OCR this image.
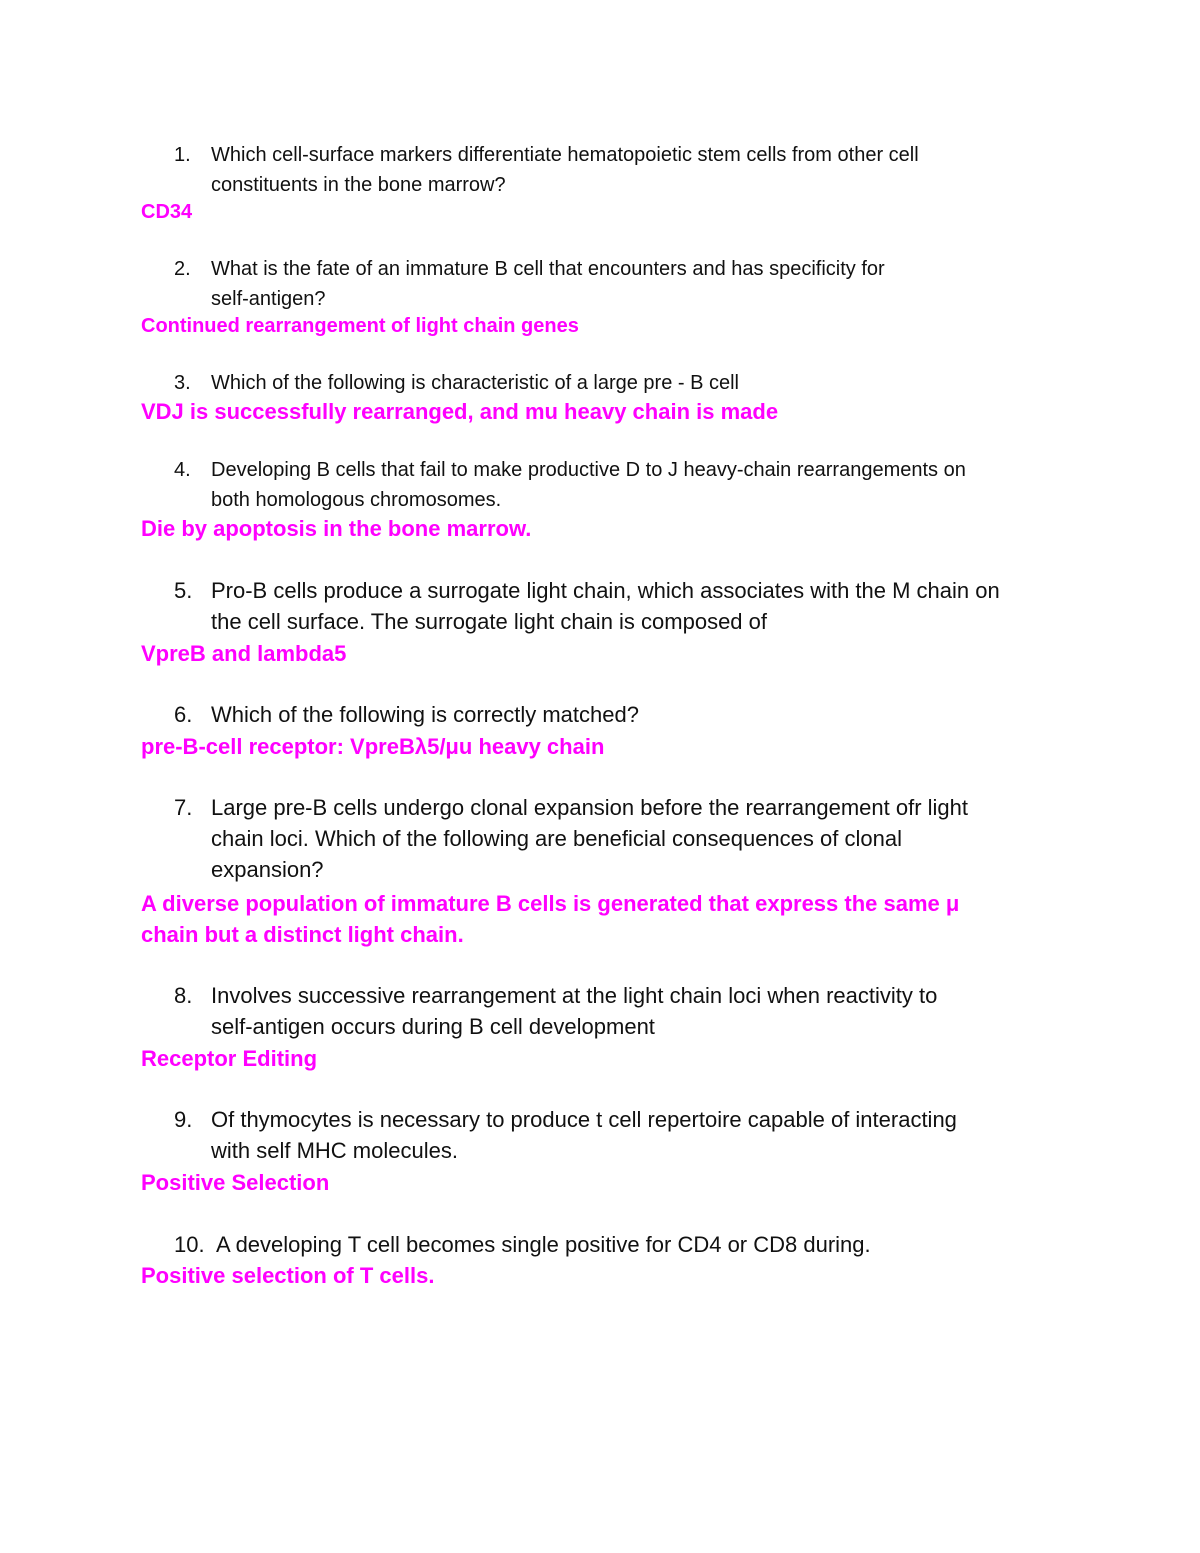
1.	Which cell-surface markers differentiate hematopoietic stem cells from other cell
constituents in the bone marrow?
CD34
2.	What is the fate of an immature B cell that encounters and has specificity for
self-antigen?
Continued rearrangement of light chain genes
3.	Which of the following is characteristic of a large pre - B cell
VDJ is successfully rearranged, and mu heavy chain is made
4.	Developing B cells that fail to make productive D to J heavy-chain rearrangements on
both homologous chromosomes.
Die by apoptosis in the bone marrow.
5. Pro-B cells produce a surrogate light chain, which associates with the M chain on
the cell surface. The surrogate light chain is composed of
VpreB and lambda5
6. Which of the following is correctly matched?
pre-B-cell receptor: VpreBλ5/μu heavy chain
7. Large pre-B cells undergo clonal expansion before the rearrangement ofr light
chain loci. Which of the following are beneficial consequences of clonal
expansion?
A diverse population of immature B cells is generated that express the same μ
chain but a distinct light chain.
8. Involves successive rearrangement at the light chain loci when reactivity to
self-antigen occurs during B cell development
Receptor Editing
9. Of thymocytes is necessary to produce t cell repertoire capable of interacting
with self MHC molecules.
Positive Selection
10. A developing T cell becomes single positive for CD4 or CD8 during.
Positive selection of T cells.
